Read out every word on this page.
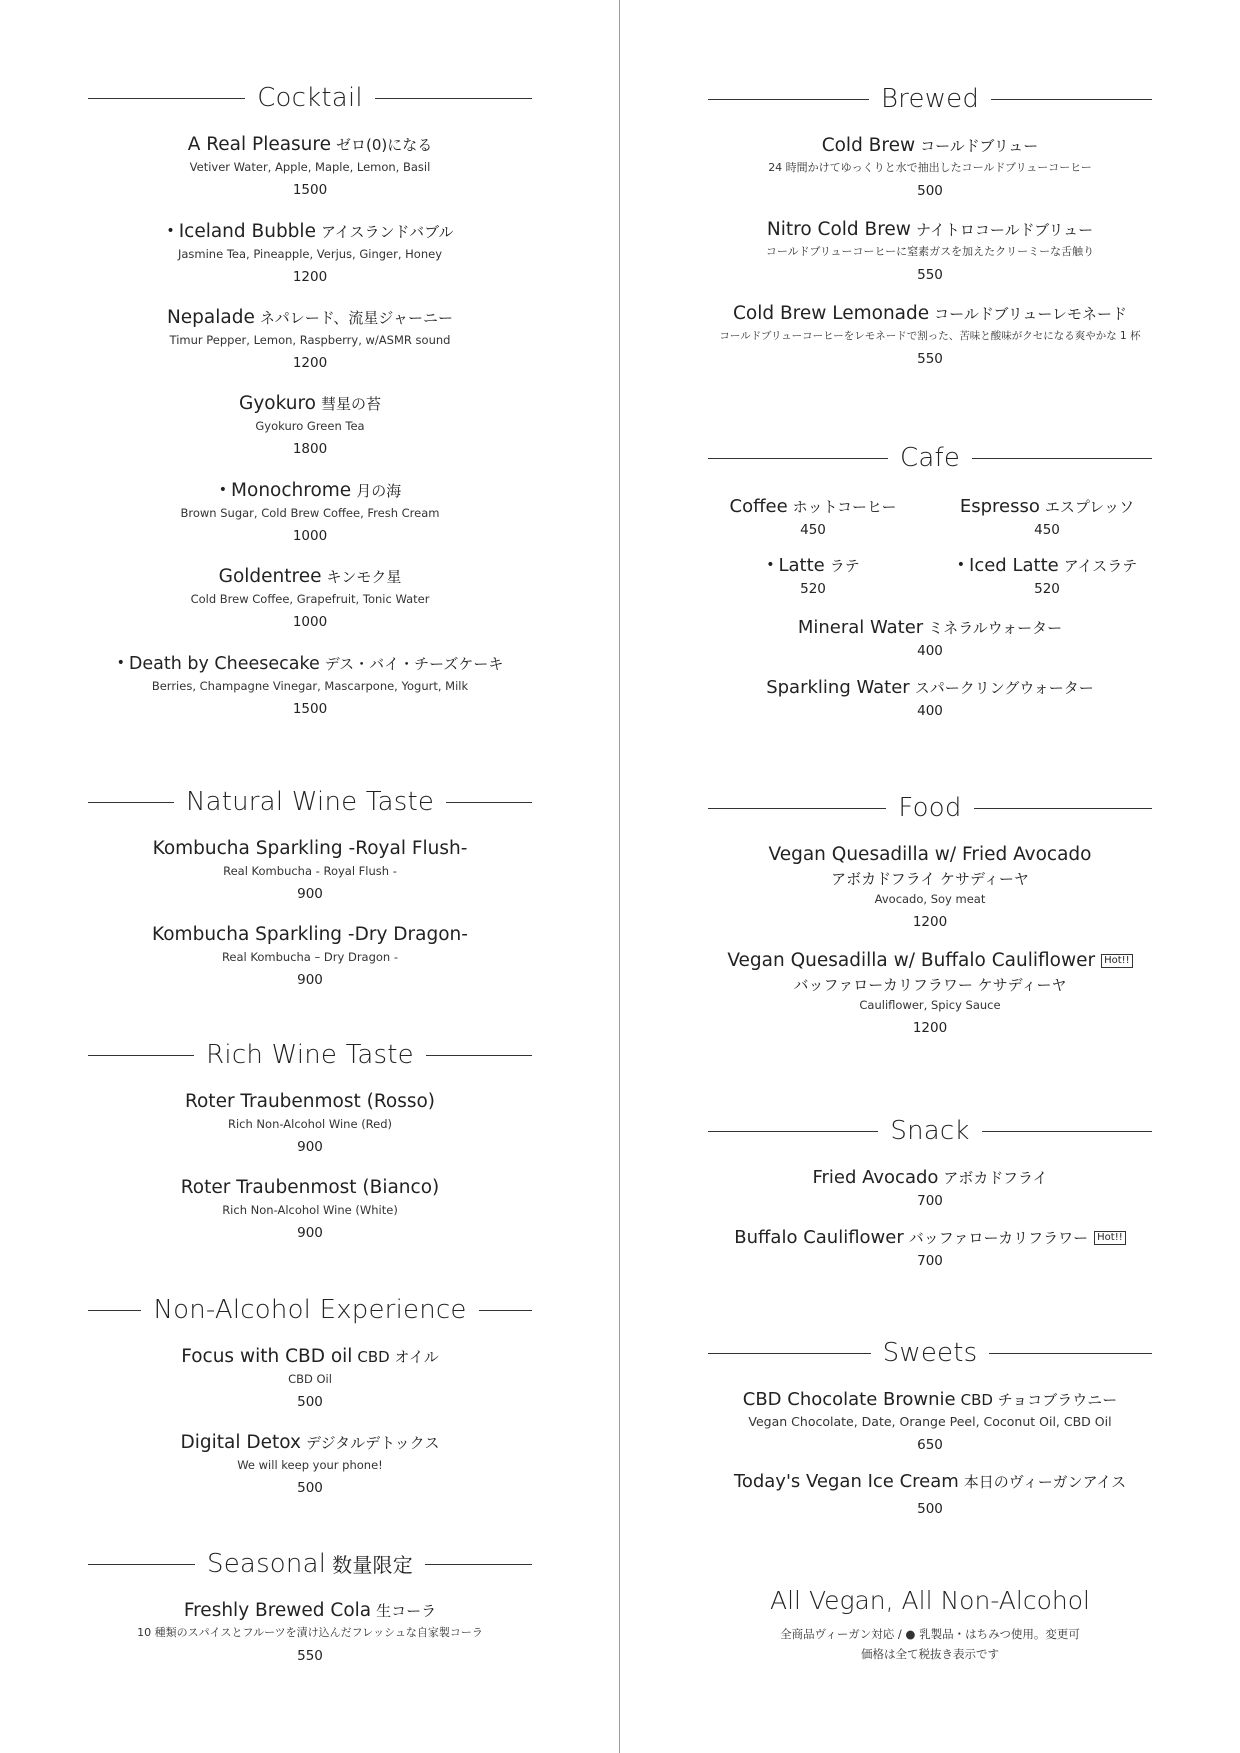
Cocktail
A Real Pleasure ゼロ(0)になる
Vetiver Water, Apple, Maple, Lemon, Basil
1500
• Iceland Bubble アイスランドバブル
Jasmine Tea, Pineapple, Verjus, Ginger, Honey
1200
Nepalade ネパレード、流星ジャーニー
Timur Pepper, Lemon, Raspberry, w/ASMR sound
1200
Gyokuro 彗星の苔
Gyokuro Green Tea
1800
• Monochrome 月の海
Brown Sugar, Cold Brew Coffee, Fresh Cream
1000
Goldentree キンモク星
Cold Brew Coffee, Grapefruit, Tonic Water
1000
• Death by Cheesecake デス・バイ・チーズケーキ
Berries, Champagne Vinegar, Mascarpone, Yogurt, Milk
1500
Natural Wine Taste
Kombucha Sparkling -Royal Flush-
Real Kombucha - Royal Flush -
900
Kombucha Sparkling -Dry Dragon-
Real Kombucha – Dry Dragon -
900
Rich Wine Taste
Roter Traubenmost (Rosso)
Rich Non-Alcohol Wine (Red)
900
Roter Traubenmost (Bianco)
Rich Non-Alcohol Wine (White)
900
Non-Alcohol Experience
Focus with CBD oil CBD オイル
CBD Oil
500
Digital Detox デジタルデトックス
We will keep your phone!
500
Seasonal 数量限定
Freshly Brewed Cola 生コーラ
10 種類のスパイスとフルーツを漬け込んだフレッシュな自家製コーラ
550
Brewed
Cold Brew コールドブリュー
24 時間かけてゆっくりと水で抽出したコールドブリューコーヒー
500
Nitro Cold Brew ナイトロコールドブリュー
コールドブリューコーヒーに窒素ガスを加えたクリーミーな舌触り
550
Cold Brew Lemonade コールドブリューレモネード
コールドブリューコーヒーをレモネードで割った、苦味と酸味がクセになる爽やかな 1 杯
550
Cafe
Coffee ホットコーヒー
450
Espresso エスプレッソ
450
• Latte ラテ
520
• Iced Latte アイスラテ
520
Mineral Water ミネラルウォーター
400
Sparkling Water スパークリングウォーター
400
Food
Vegan Quesadilla w/ Fried Avocado
アボカドフライ ケサディーヤ
Avocado, Soy meat
1200
Vegan Quesadilla w/ Buffalo Cauliflower Hot!!
バッファローカリフラワー ケサディーヤ
Cauliflower, Spicy Sauce
1200
Snack
Fried Avocado アボカドフライ
700
Buffalo Cauliflower バッファローカリフラワー Hot!!
700
Sweets
CBD Chocolate Brownie CBD チョコブラウニー
Vegan Chocolate, Date, Orange Peel, Coconut Oil, CBD Oil
650
Today's Vegan Ice Cream 本日のヴィーガンアイス
500
All Vegan, All Non-Alcohol
全商品ヴィーガン対応 / ● 乳製品・はちみつ使用。変更可
価格は全て税抜き表示です
